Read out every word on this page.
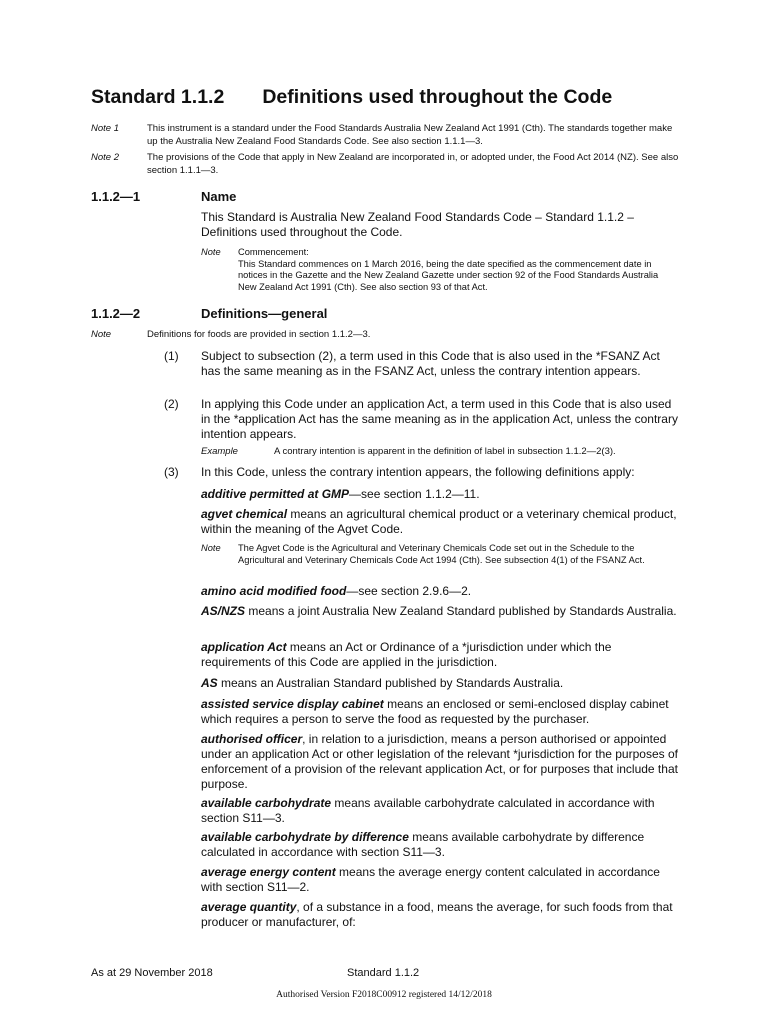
Standard 1.1.2 Definitions used throughout the Code
Note 1	This instrument is a standard under the Food Standards Australia New Zealand Act 1991 (Cth). The standards together make up the Australia New Zealand Food Standards Code. See also section 1.1.1—3.
Note 2	The provisions of the Code that apply in New Zealand are incorporated in, or adopted under, the Food Act 2014 (NZ). See also section 1.1.1—3.
1.1.2—1	Name
This Standard is Australia New Zealand Food Standards Code – Standard 1.1.2 – Definitions used throughout the Code.
Note Commencement:
This Standard commences on 1 March 2016, being the date specified as the commencement date in notices in the Gazette and the New Zealand Gazette under section 92 of the Food Standards Australia New Zealand Act 1991 (Cth). See also section 93 of that Act.
1.1.2—2	Definitions—general
Note	Definitions for foods are provided in section 1.1.2—3.
(1) Subject to subsection (2), a term used in this Code that is also used in the *FSANZ Act has the same meaning as in the FSANZ Act, unless the contrary intention appears.
(2) In applying this Code under an application Act, a term used in this Code that is also used in the *application Act has the same meaning as in the application Act, unless the contrary intention appears.
Example	A contrary intention is apparent in the definition of label in subsection 1.1.2—2(3).
(3) In this Code, unless the contrary intention appears, the following definitions apply:
additive permitted at GMP—see section 1.1.2—11.
agvet chemical means an agricultural chemical product or a veterinary chemical product, within the meaning of the Agvet Code.
Note The Agvet Code is the Agricultural and Veterinary Chemicals Code set out in the Schedule to the Agricultural and Veterinary Chemicals Code Act 1994 (Cth). See subsection 4(1) of the FSANZ Act.
amino acid modified food—see section 2.9.6—2.
AS/NZS means a joint Australia New Zealand Standard published by Standards Australia.
application Act means an Act or Ordinance of a *jurisdiction under which the requirements of this Code are applied in the jurisdiction.
AS means an Australian Standard published by Standards Australia.
assisted service display cabinet means an enclosed or semi-enclosed display cabinet which requires a person to serve the food as requested by the purchaser.
authorised officer, in relation to a jurisdiction, means a person authorised or appointed under an application Act or other legislation of the relevant *jurisdiction for the purposes of enforcement of a provision of the relevant application Act, or for purposes that include that purpose.
available carbohydrate means available carbohydrate calculated in accordance with section S11—3.
available carbohydrate by difference means available carbohydrate by difference calculated in accordance with section S11—3.
average energy content means the average energy content calculated in accordance with section S11—2.
average quantity, of a substance in a food, means the average, for such foods from that producer or manufacturer, of:
As at 29 November 2018	Standard 1.1.2
Authorised Version F2018C00912 registered 14/12/2018
